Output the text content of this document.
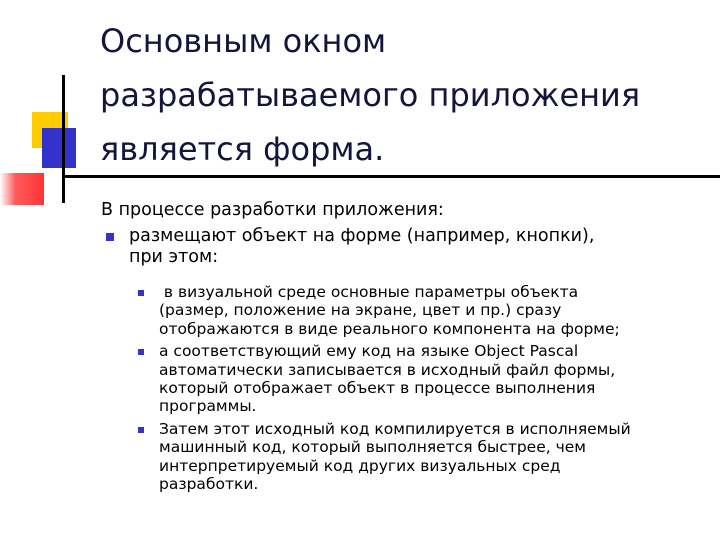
Основным окном
разрабатываемого приложения
является форма.
В процессе разработки приложения:
размещают объект на форме (например, кнопки),
при этом:
в визуальной среде основные параметры объекта
(размер, положение на экране, цвет и пр.) сразу
отображаются в виде реального компонента на форме;
а соответствующий ему код на языке Object Pascal
автоматически записывается в исходный файл формы,
который отображает объект в процессе выполнения
программы.
Затем этот исходный код компилируется в исполняемый
машинный код, который выполняется быстрее, чем
интерпретируемый код других визуальных сред
разработки.
